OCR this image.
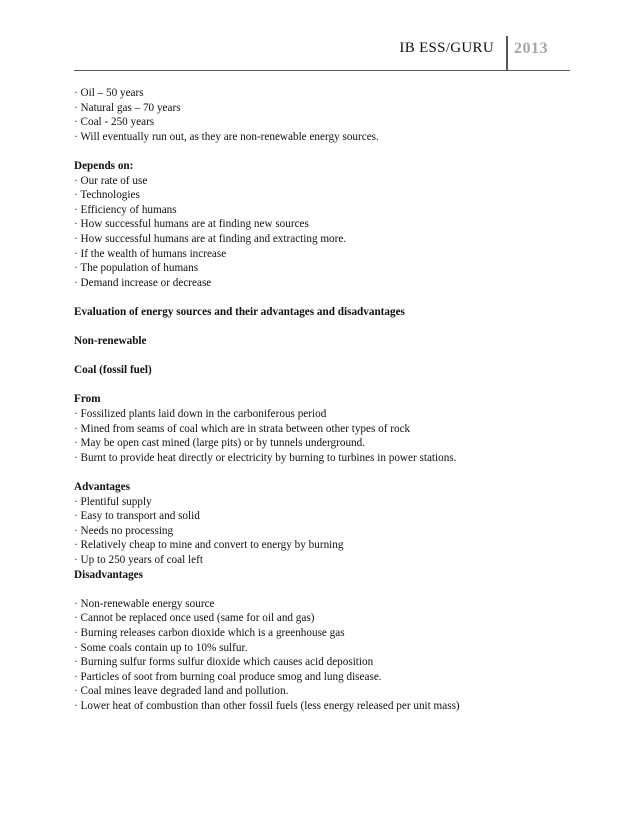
IB ESS/GURU 2013
· Oil – 50 years
· Natural gas – 70 years
· Coal - 250 years
· Will eventually run out, as they are non-renewable energy sources.
Depends on:
· Our rate of use
· Technologies
· Efficiency of humans
· How successful humans are at finding new sources
· How successful humans are at finding and extracting more.
· If the wealth of humans increase
· The population of humans
· Demand increase or decrease
Evaluation of energy sources and their advantages and disadvantages
Non-renewable
Coal (fossil fuel)
From
· Fossilized plants laid down in the carboniferous period
· Mined from seams of coal which are in strata between other types of rock
· May be open cast mined (large pits) or by tunnels underground.
· Burnt to provide heat directly or electricity by burning to turbines in power stations.
Advantages
· Plentiful supply
· Easy to transport and solid
· Needs no processing
· Relatively cheap to mine and convert to energy by burning
· Up to 250 years of coal left
Disadvantages
· Non-renewable energy source
· Cannot be replaced once used (same for oil and gas)
· Burning releases carbon dioxide which is a greenhouse gas
· Some coals contain up to 10% sulfur.
· Burning sulfur forms sulfur dioxide which causes acid deposition
· Particles of soot from burning coal produce smog and lung disease.
· Coal mines leave degraded land and pollution.
· Lower heat of combustion than other fossil fuels (less energy released per unit mass)
